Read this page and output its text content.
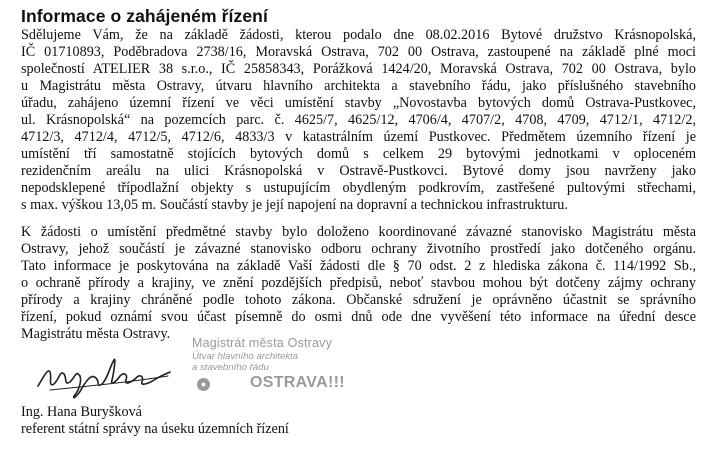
Informace o zahájeném řízení
Sdělujeme Vám, že na základě žádosti, kterou podalo dne 08.02.2016 Bytové družstvo Krásnopolská,
IČ 01710893, Poděbradova 2738/16, Moravská Ostrava, 702 00 Ostrava, zastoupené na základě plné moci
společností ATELIER 38 s.r.o., IČ 25858343, Porážková 1424/20, Moravská Ostrava, 702 00 Ostrava, bylo
u Magistrátu města Ostravy, útvaru hlavního architekta a stavebního řádu, jako příslušného stavebního
úřadu, zahájeno územní řízení ve věci umístění stavby „Novostavba bytových domů Ostrava-Pustkovec,
ul. Krásnopolská“ na pozemcích parc. č. 4625/7, 4625/12, 4706/4, 4707/2, 4708, 4709, 4712/1, 4712/2,
4712/3, 4712/4, 4712/5, 4712/6, 4833/3 v katastrálním území Pustkovec. Předmětem územního řízení je
umístění tří samostatně stojících bytových domů s celkem 29 bytovými jednotkami v oploceném
rezidenčním areálu na ulici Krásnopolská v Ostravě-Pustkovci. Bytové domy jsou navrženy jako
nepodsklepené třípodlažní objekty s ustupujícím obydleným podkrovím, zastřešené pultovými střechami,
s max. výškou 13,05 m. Součástí stavby je její napojení na dopravní a technickou infrastrukturu.
K žádosti o umístění předmětné stavby bylo doloženo koordinované závazné stanovisko Magistrátu města
Ostravy, jehož součástí je závazné stanovisko odboru ochrany životního prostředí jako dotčeného orgánu.
Tato informace je poskytována na základě Vaší žádosti dle § 70 odst. 2 z hlediska zákona č. 114/1992 Sb.,
o ochraně přírody a krajiny, ve znění pozdějších předpisů, neboť stavbou mohou být dotčeny zájmy ochrany
přírody a krajiny chráněné podle tohoto zákona. Občanské sdružení je oprávněno účastnit se správního
řízení, pokud oznámí svou účast písemně do osmi dnů ode dne vyvěšení této informace na úřední desce
Magistrátu města Ostravy.
Magistrát města Ostravy
Útvar hlavního architekta
a stavebního řádu
●	OSTRAVA!!!
Ing. Hana Buryšková
referent státní správy na úseku územních řízení
